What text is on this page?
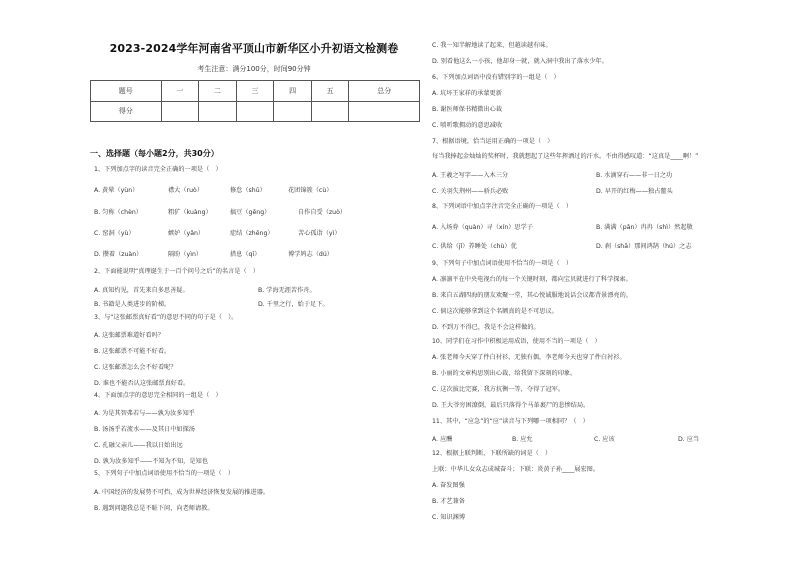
2023-2024学年河南省平顶山市新华区小升初语文检测卷
考生注意：满分100分，时间90分钟
题号	一	二	三	四	五	总分
得分						
一、选择题（每小题2分，共30分）

1、下列加点字的读音完全正确的一项是（　）

A. 黄晕（yùn）	襟大（ruò）	修怠（shū）	花团锦簇（cù）
B. 匀称（chèn）	粗犷（kuàng）	搞豆（gēng）	自作自受（zuò）
C. 窑洞（yù）	嫉妒（yǎn）	症结（zhēng）	苦心孤诣（yì）
D. 攒着（zuàn）	隔盼（yìn）	措息（qī）	博学鸠志（dú）

2、下面能说明“真理诞生于一百个问号之后”的名言是（　）

A. 真知灼见，首先来自多思善疑。
B. 书籍是人类进步的阶梯。
B. 学海无涯苦作舟。
D. 千里之行，始于足下。

3、与“这张邮票真好看”的意思不同的句子是（　）。

A. 这张邮票难道好看吗？
B. 这张邮票不可能不好看。
C. 这张邮票怎么会不好看呢？
D. 谁也不能否认这张邮票真好看。

4、下面加点字的意思完全相同的一组是（　）

A. 为是其智弗若与——孰为汝多知乎
B. 汤汤乎若流水——及其日中如探汤
C. 孔融父亲儿——我以日始出远
D. 孰为汝多知乎——不知为不知，是知也

5、下列句子中加点词语使用不恰当的一项是（　）

A. 中国经济的发展势不可挡，成为世界经济恢复发展的推进器。
B. 遇到问题我总是不耻下问，向老师请教。

C. 我一知半解地读了起来，但越读越有味。

D. 别看他这么一小孩，他却身一就，就入洞中我出了落水少年。

6、下列加点词语中没有错别字的一组是（　）

A. 坑坏王家祥的承蒙更新

B. 谢医师保书精微出心裁

C. 喷听歌拥动的意思减收

7、根据语境，恰当运用正确的一项是（　）

每当我捧起金灿灿的奖杯时，我就想起了这些年挥洒过的汗水。不由得感叹道：“这真是____啊！”

A. 王羲之写字——入木三分	B. 水滴穿石——非一日之功
C. 关羽失荆州——骄兵必败	D. 早开的红梅——独占鳌头

8、下列词语中加点字注音完全正确的一项是（　）

A. 入场券（quàn）寻（xín）思学子	B. 满满（pǎn）冉冉（shì）然起敬
C. 供给（jǐ）养睡处（chù）优	D. 刹（shā）那间鸿鹄（hú）之志

9、下列句子中加点词语使用不恰当的一项是（　）

A. 凛凛平在中央电视台的每一个关键时刻，都向宝贝就进行了科学探索。

B. 来自五湖四海的朋友欢聚一堂，其心悦诚服地说话会议都背景漂亮的。

C. 倘这次能够拿到这个名额真的是不可思议。

D. 不到万不得已，我是不会这样做的。

10、同学们在习作中积极运用成语，使用不当的一项是（　）

A. 张老师今天穿了件白衬衫，无独有偶，李老师今天也穿了件白衬衫。

B. 小丽的文章构思别出心裁，给我留下深刻的印象。

C. 这次拔比完赛，我方抗衡一等，夺得了冠军。

D. 王大爷穷困潦倒，最后只落得个马革裹尸的悲惨结局。

11、其中，“应急”的“应”读音与下列哪一项相同？（　）

A. 应酬	B. 应允	C. 应该	D. 应当

12、根据上联判断，下联所缺的词是（　）

上联：中华儿女众志成城奋斗；下联：炎黄子孙____展宏图。

A. 奋发图强

B. 才艺兼备

C. 知识渊博
